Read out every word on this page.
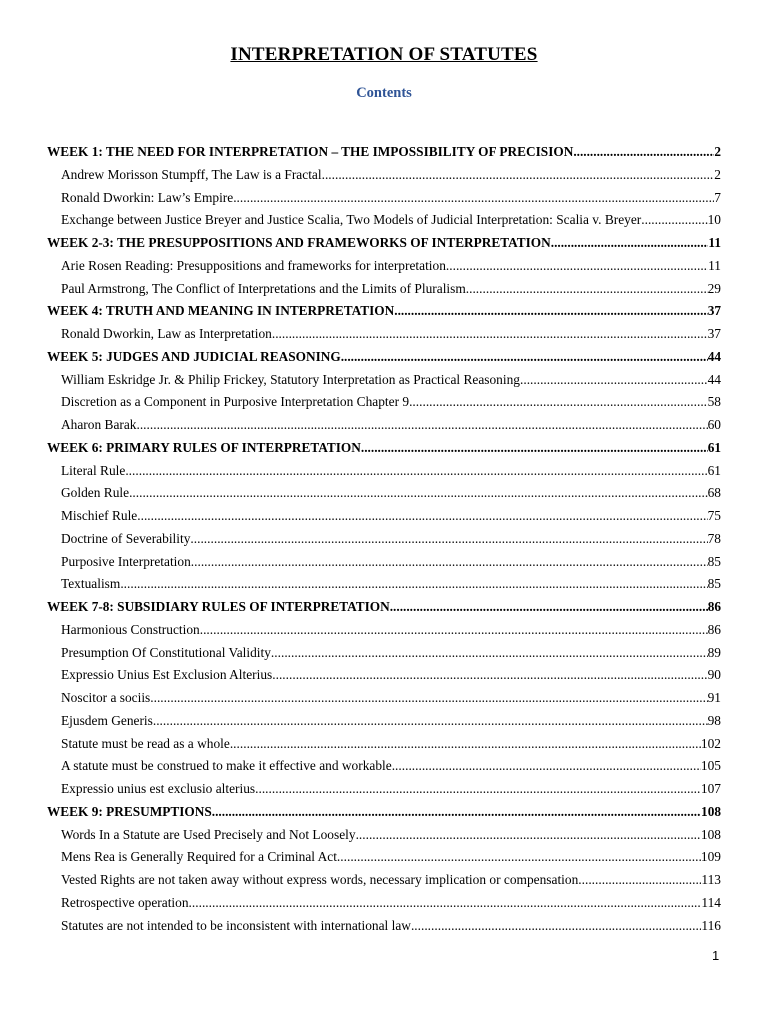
INTERPRETATION OF STATUTES
Contents
WEEK 1: THE NEED FOR INTERPRETATION – THE IMPOSSIBILITY OF PRECISION .....	2
Andrew Morisson Stumpff, The Law is a Fractal .....	2
Ronald Dworkin: Law’s Empire .....	7
Exchange between Justice Breyer and Justice Scalia, Two Models of Judicial Interpretation: Scalia v. Breyer .....	10
WEEK 2-3: THE PRESUPPOSITIONS AND FRAMEWORKS OF INTERPRETATION .....	11
Arie Rosen Reading: Presuppositions and frameworks for interpretation .....	11
Paul Armstrong, The Conflict of Interpretations and the Limits of Pluralism .....	29
WEEK 4: TRUTH AND MEANING IN INTERPRETATION .....	37
Ronald Dworkin, Law as Interpretation .....	37
WEEK 5: JUDGES AND JUDICIAL REASONING .....	44
William Eskridge Jr. & Philip Frickey, Statutory Interpretation as Practical Reasoning .....	44
Discretion as a Component in Purposive Interpretation Chapter 9 .....	58
Aharon Barak .....	60
WEEK 6: PRIMARY RULES OF INTERPRETATION .....	61
Literal Rule .....	61
Golden Rule .....	68
Mischief Rule .....	75
Doctrine of Severability .....	78
Purposive Interpretation .....	85
Textualism .....	85
WEEK 7-8: SUBSIDIARY RULES OF INTERPRETATION .....	86
Harmonious Construction .....	86
Presumption Of Constitutional Validity .....	89
Expressio Unius Est Exclusion Alterius .....	90
Noscitor a sociis .....	91
Ejusdem Generis .....	98
Statute must be read as a whole .....	102
A statute must be construed to make it effective and workable .....	105
Expressio unius est exclusio alterius .....	107
WEEK 9: PRESUMPTIONS .....	108
Words In a Statute are Used Precisely and Not Loosely .....	108
Mens Rea is Generally Required for a Criminal Act .....	109
Vested Rights are not taken away without express words, necessary implication or compensation .....	113
Retrospective operation .....	114
Statutes are not intended to be inconsistent with international law .....	116
1
